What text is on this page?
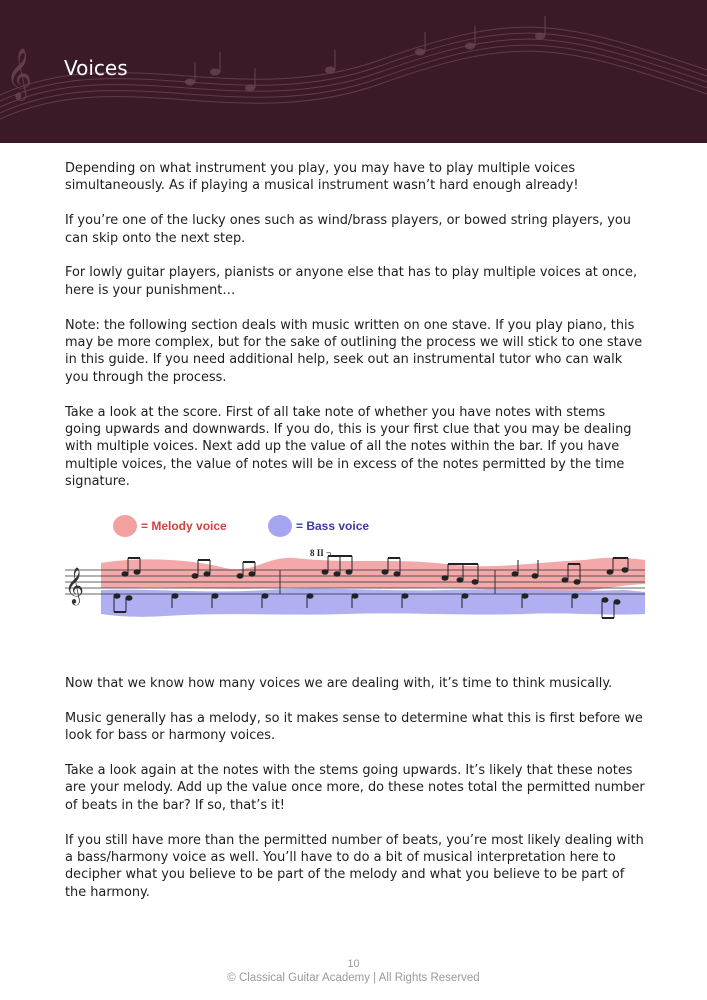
𝄞 Voices

Depending on what instrument you play, you may have to play multiple voices simultaneously. As if playing a musical instrument wasn’t hard enough already!

If you’re one of the lucky ones such as wind/brass players, or bowed string players, you can skip onto the next step.

For lowly guitar players, pianists or anyone else that has to play multiple voices at once, here is your punishment…

Note: the following section deals with music written on one stave. If you play piano, this may be more complex, but for the sake of outlining the process we will stick to one stave in this guide. If you need additional help, seek out an instrumental tutor who can walk you through the process.

Take a look at the score. First of all take note of whether you have notes with stems going upwards and downwards. If you do, this is your first clue that you may be dealing with multiple voices. Next add up the value of all the notes within the bar. If you have multiple voices, the value of notes will be in excess of the notes permitted by the time signature.

= Melody voice	= Bass voice
𝄞
8 II ¬

Now that we know how many voices we are dealing with, it’s time to think musically.

Music generally has a melody, so it makes sense to determine what this is first before we look for bass or harmony voices.

Take a look again at the notes with the stems going upwards. It’s likely that these notes are your melody. Add up the value once more, do these notes total the permitted number of beats in the bar? If so, that’s it!

If you still have more than the permitted number of beats, you’re most likely dealing with a bass/harmony voice as well. You’ll have to do a bit of musical interpretation here to decipher what you believe to be part of the melody and what you believe to be part of the harmony.

10
© Classical Guitar Academy | All Rights Reserved
